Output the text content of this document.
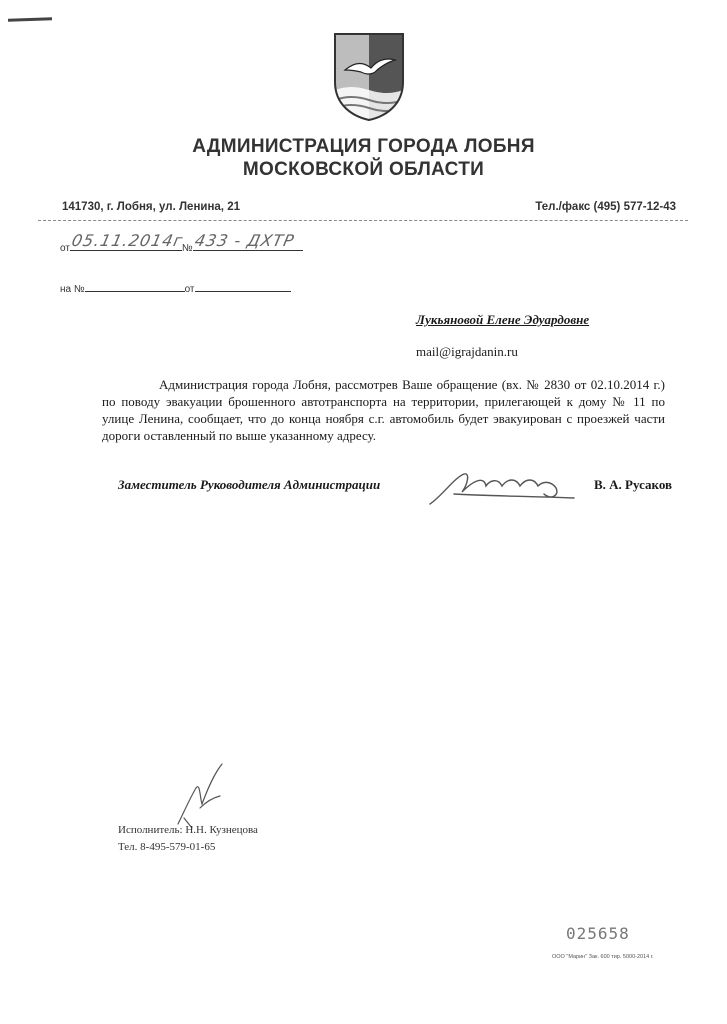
АДМИНИСТРАЦИЯ ГОРОДА ЛОБНЯ
МОСКОВСКОЙ ОБЛАСТИ
141730, г. Лобня, ул. Ленина, 21	Тел./факс (495) 577-12-43
от 05.11.2014г
№ 433 - ДХТР
на №	от
Лукьяновой Елене Эдуардовне
mail@igrajdanin.ru
Администрация города Лобня, рассмотрев Ваше обращение (вх. № 2830 от 02.10.2014 г.) по поводу эвакуации брошенного автотранспорта на территории, прилегающей к дому № 11 по улице Ленина, сообщает, что до конца ноября с.г. автомобиль будет эвакуирован с проезжей части дороги оставленный по выше указанному адресу.
Заместитель Руководителя Администрации	В. А. Русаков
Исполнитель: Н.Н. Кузнецова
Тел. 8-495-579-01-65
025658
ООО "Марин" Зак. 600 тир. 5000-2014 г.
